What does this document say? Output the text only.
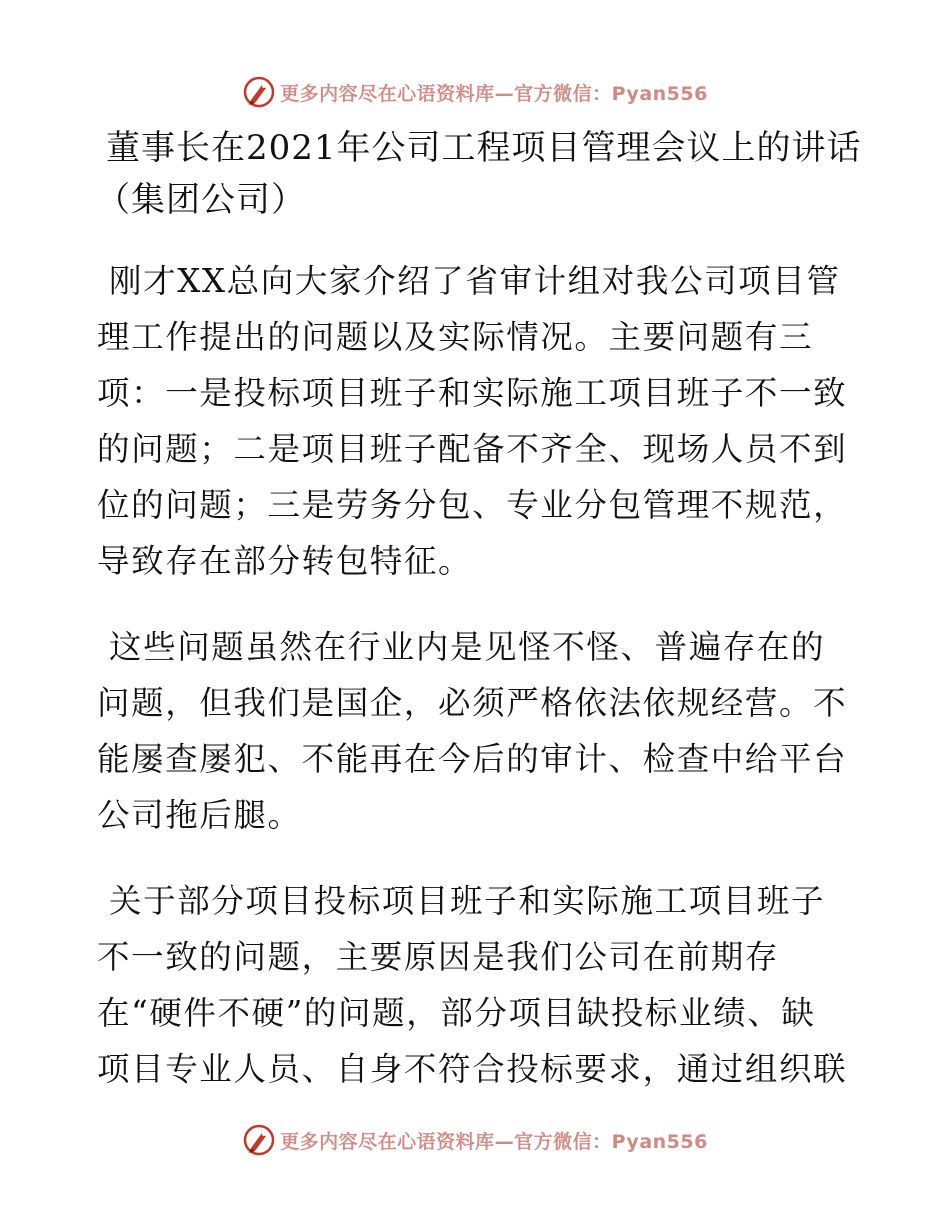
更多内容尽在心语资料库—官方微信：Pyan556
董事长在2021年公司工程项目管理会议上的讲话
（集团公司）

刚才XX总向大家介绍了省审计组对我公司项目管
理工作提出的问题以及实际情况。主要问题有三
项：一是投标项目班子和实际施工项目班子不一致
的问题；二是项目班子配备不齐全、现场人员不到
位的问题；三是劳务分包、专业分包管理不规范，
导致存在部分转包特征。

这些问题虽然在行业内是见怪不怪、普遍存在的
问题，但我们是国企，必须严格依法依规经营。不
能屡查屡犯、不能再在今后的审计、检查中给平台
公司拖后腿。

关于部分项目投标项目班子和实际施工项目班子
不一致的问题，主要原因是我们公司在前期存
在“硬件不硬”的问题，部分项目缺投标业绩、缺
项目专业人员、自身不符合投标要求，通过组织联

更多内容尽在心语资料库—官方微信：Pyan556
